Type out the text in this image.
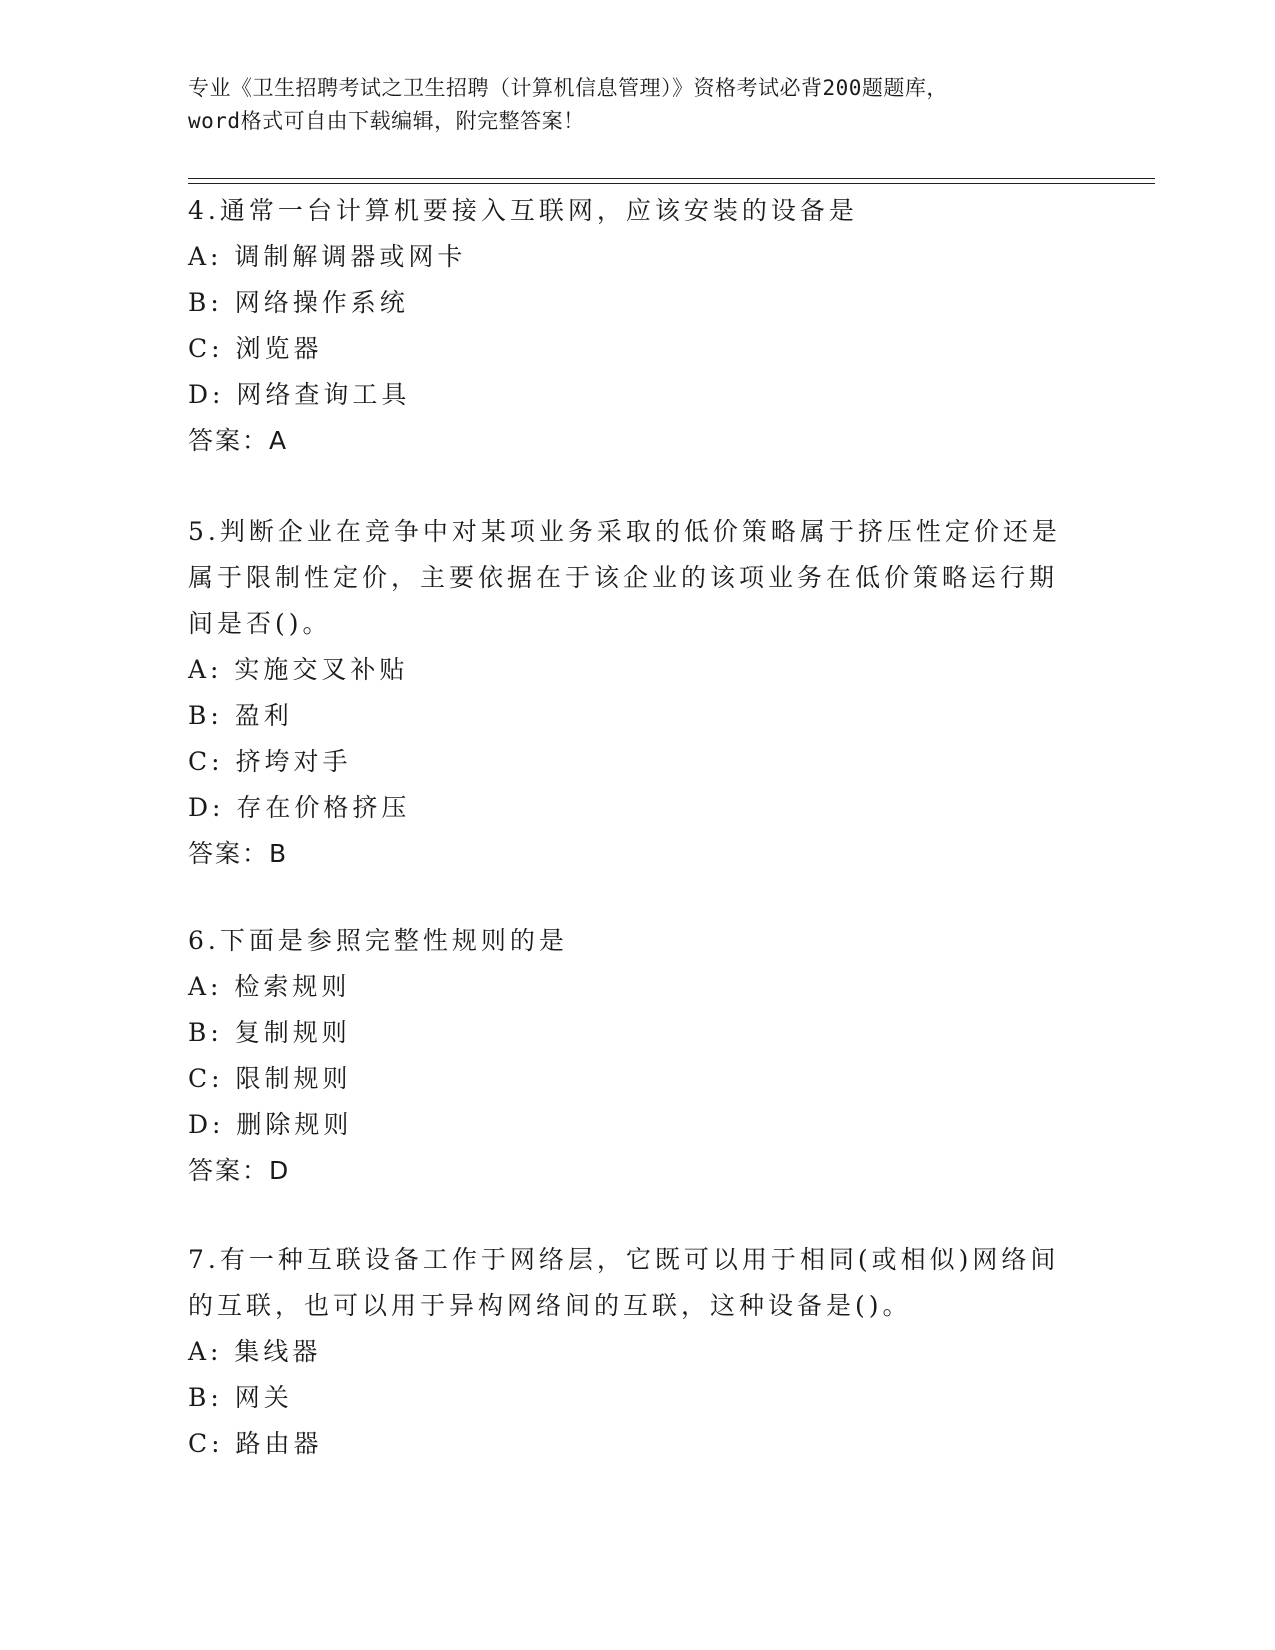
专业《卫生招聘考试之卫生招聘（计算机信息管理）》资格考试必背200题题库，
word格式可自由下载编辑，附完整答案！
4.通常一台计算机要接入互联网，应该安装的设备是
A: 调制解调器或网卡
B: 网络操作系统
C: 浏览器
D: 网络查询工具
答案：A
5.判断企业在竞争中对某项业务采取的低价策略属于挤压性定价还是
属于限制性定价，主要依据在于该企业的该项业务在低价策略运行期
间是否()。
A: 实施交叉补贴
B: 盈利
C: 挤垮对手
D: 存在价格挤压
答案：B
6.下面是参照完整性规则的是
A: 检索规则
B: 复制规则
C: 限制规则
D: 删除规则
答案：D
7.有一种互联设备工作于网络层，它既可以用于相同(或相似)网络间
的互联，也可以用于异构网络间的互联，这种设备是()。
A: 集线器
B: 网关
C: 路由器
